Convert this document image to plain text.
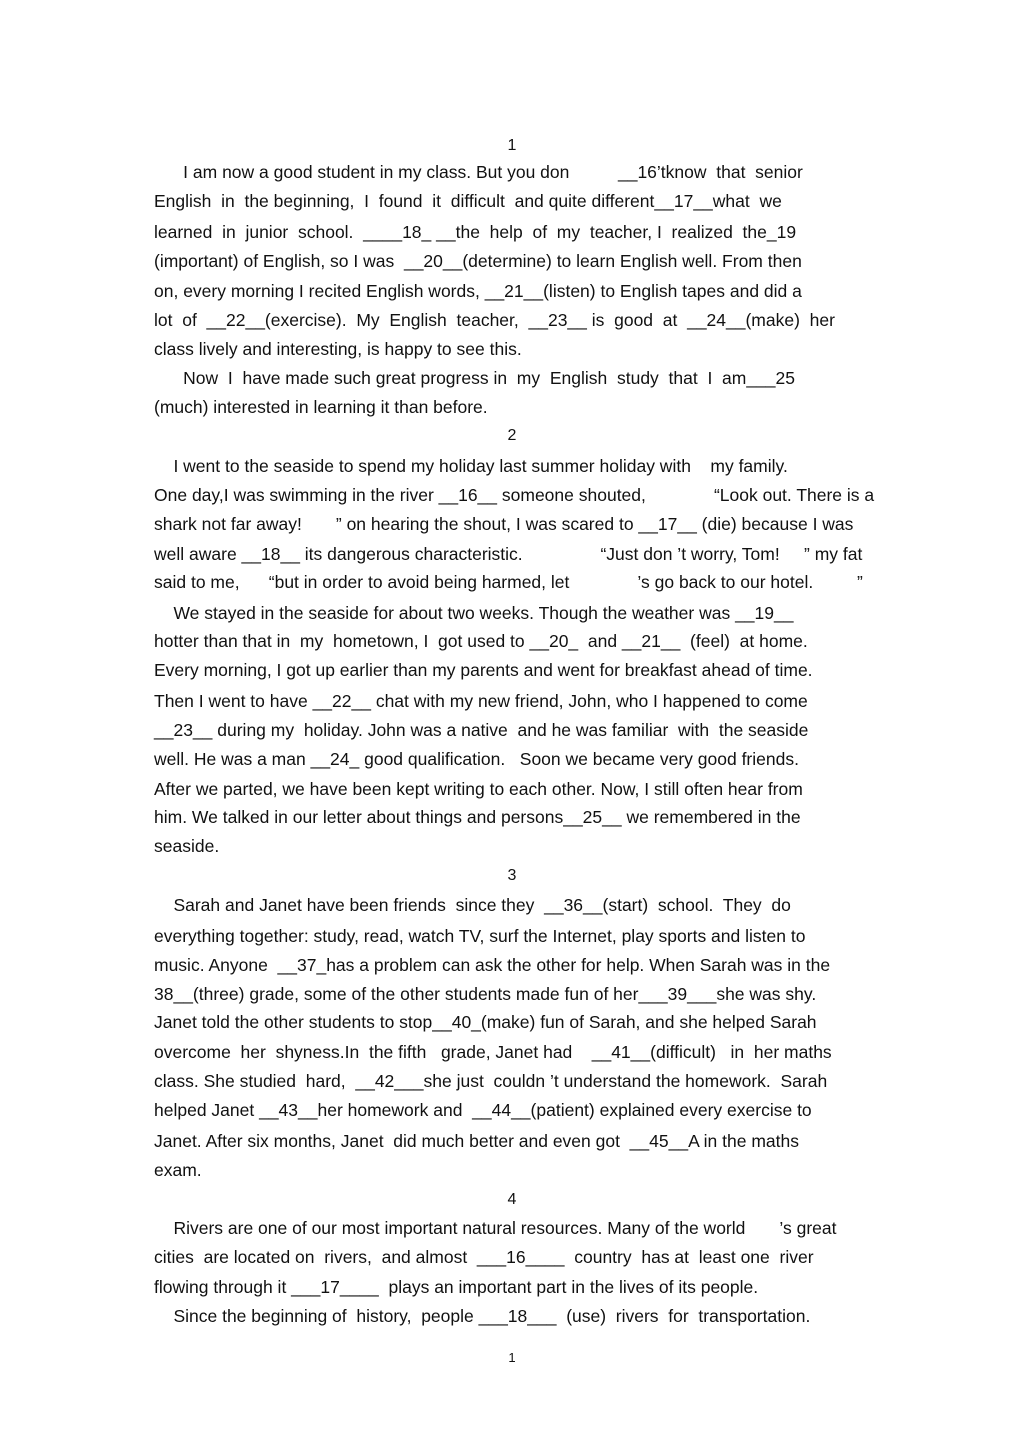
1
I am now a good student in my class. But you don          __16’tknow  that  senior
English  in  the beginning,  I  found  it  difficult  and quite different__17__what  we
learned  in  junior  school.  ____18_ __the  help  of  my  teacher, I  realized  the_19
(important) of English, so I was  __20__(determine) to learn English well. From then
on, every morning I recited English words, __21__(listen) to English tapes and did a
lot  of  __22__(exercise).  My  English  teacher,  __23__ is  good  at  __24__(make)  her
class lively and interesting, is happy to see this.
Now  I  have made such great progress in  my  English  study  that  I  am___25
(much) interested in learning it than before.
2
I went to the seaside to spend my holiday last summer holiday with    my family.
One day,I was swimming in the river __16__ someone shouted,              “Look out. There is a
shark not far away!       ” on hearing the shout, I was scared to __17__ (die) because I was
well aware __18__ its dangerous characteristic.                “Just don ’t worry, Tom!     ” my fat
said to me,      “but in order to avoid being harmed, let              ’s go back to our hotel.         ”
We stayed in the seaside for about two weeks. Though the weather was __19__
hotter than that in  my  hometown, I  got used to __20_  and __21__  (feel)  at home.
Every morning, I got up earlier than my parents and went for breakfast ahead of time.
Then I went to have __22__ chat with my new friend, John, who I happened to come
__23__ during my  holiday. John was a native  and he was familiar  with  the seaside
well. He was a man __24_ good qualification.   Soon we became very good friends.
After we parted, we have been kept writing to each other. Now, I still often hear from
him. We talked in our letter about things and persons__25__ we remembered in the
seaside.
3
Sarah and Janet have been friends  since they  __36__(start)  school.  They  do
everything together: study, read, watch TV, surf the Internet, play sports and listen to
music. Anyone  __37_has a problem can ask the other for help. When Sarah was in the
38__(three) grade, some of the other students made fun of her___39___she was shy.
Janet told the other students to stop__40_(make) fun of Sarah, and she helped Sarah
overcome  her  shyness.In  the fifth   grade, Janet had    __41__(difficult)   in  her maths
class. She studied  hard,  __42___she just  couldn ’t understand the homework.  Sarah
helped Janet __43__her homework and  __44__(patient) explained every exercise to
Janet. After six months, Janet  did much better and even got  __45__A in the maths
exam.
4
Rivers are one of our most important natural resources. Many of the world       ’s great
cities  are located on  rivers,  and almost  ___16____  country  has at  least one  river
flowing through it ___17____  plays an important part in the lives of its people.
Since the beginning of  history,  people ___18___  (use)  rivers  for  transportation.
1
